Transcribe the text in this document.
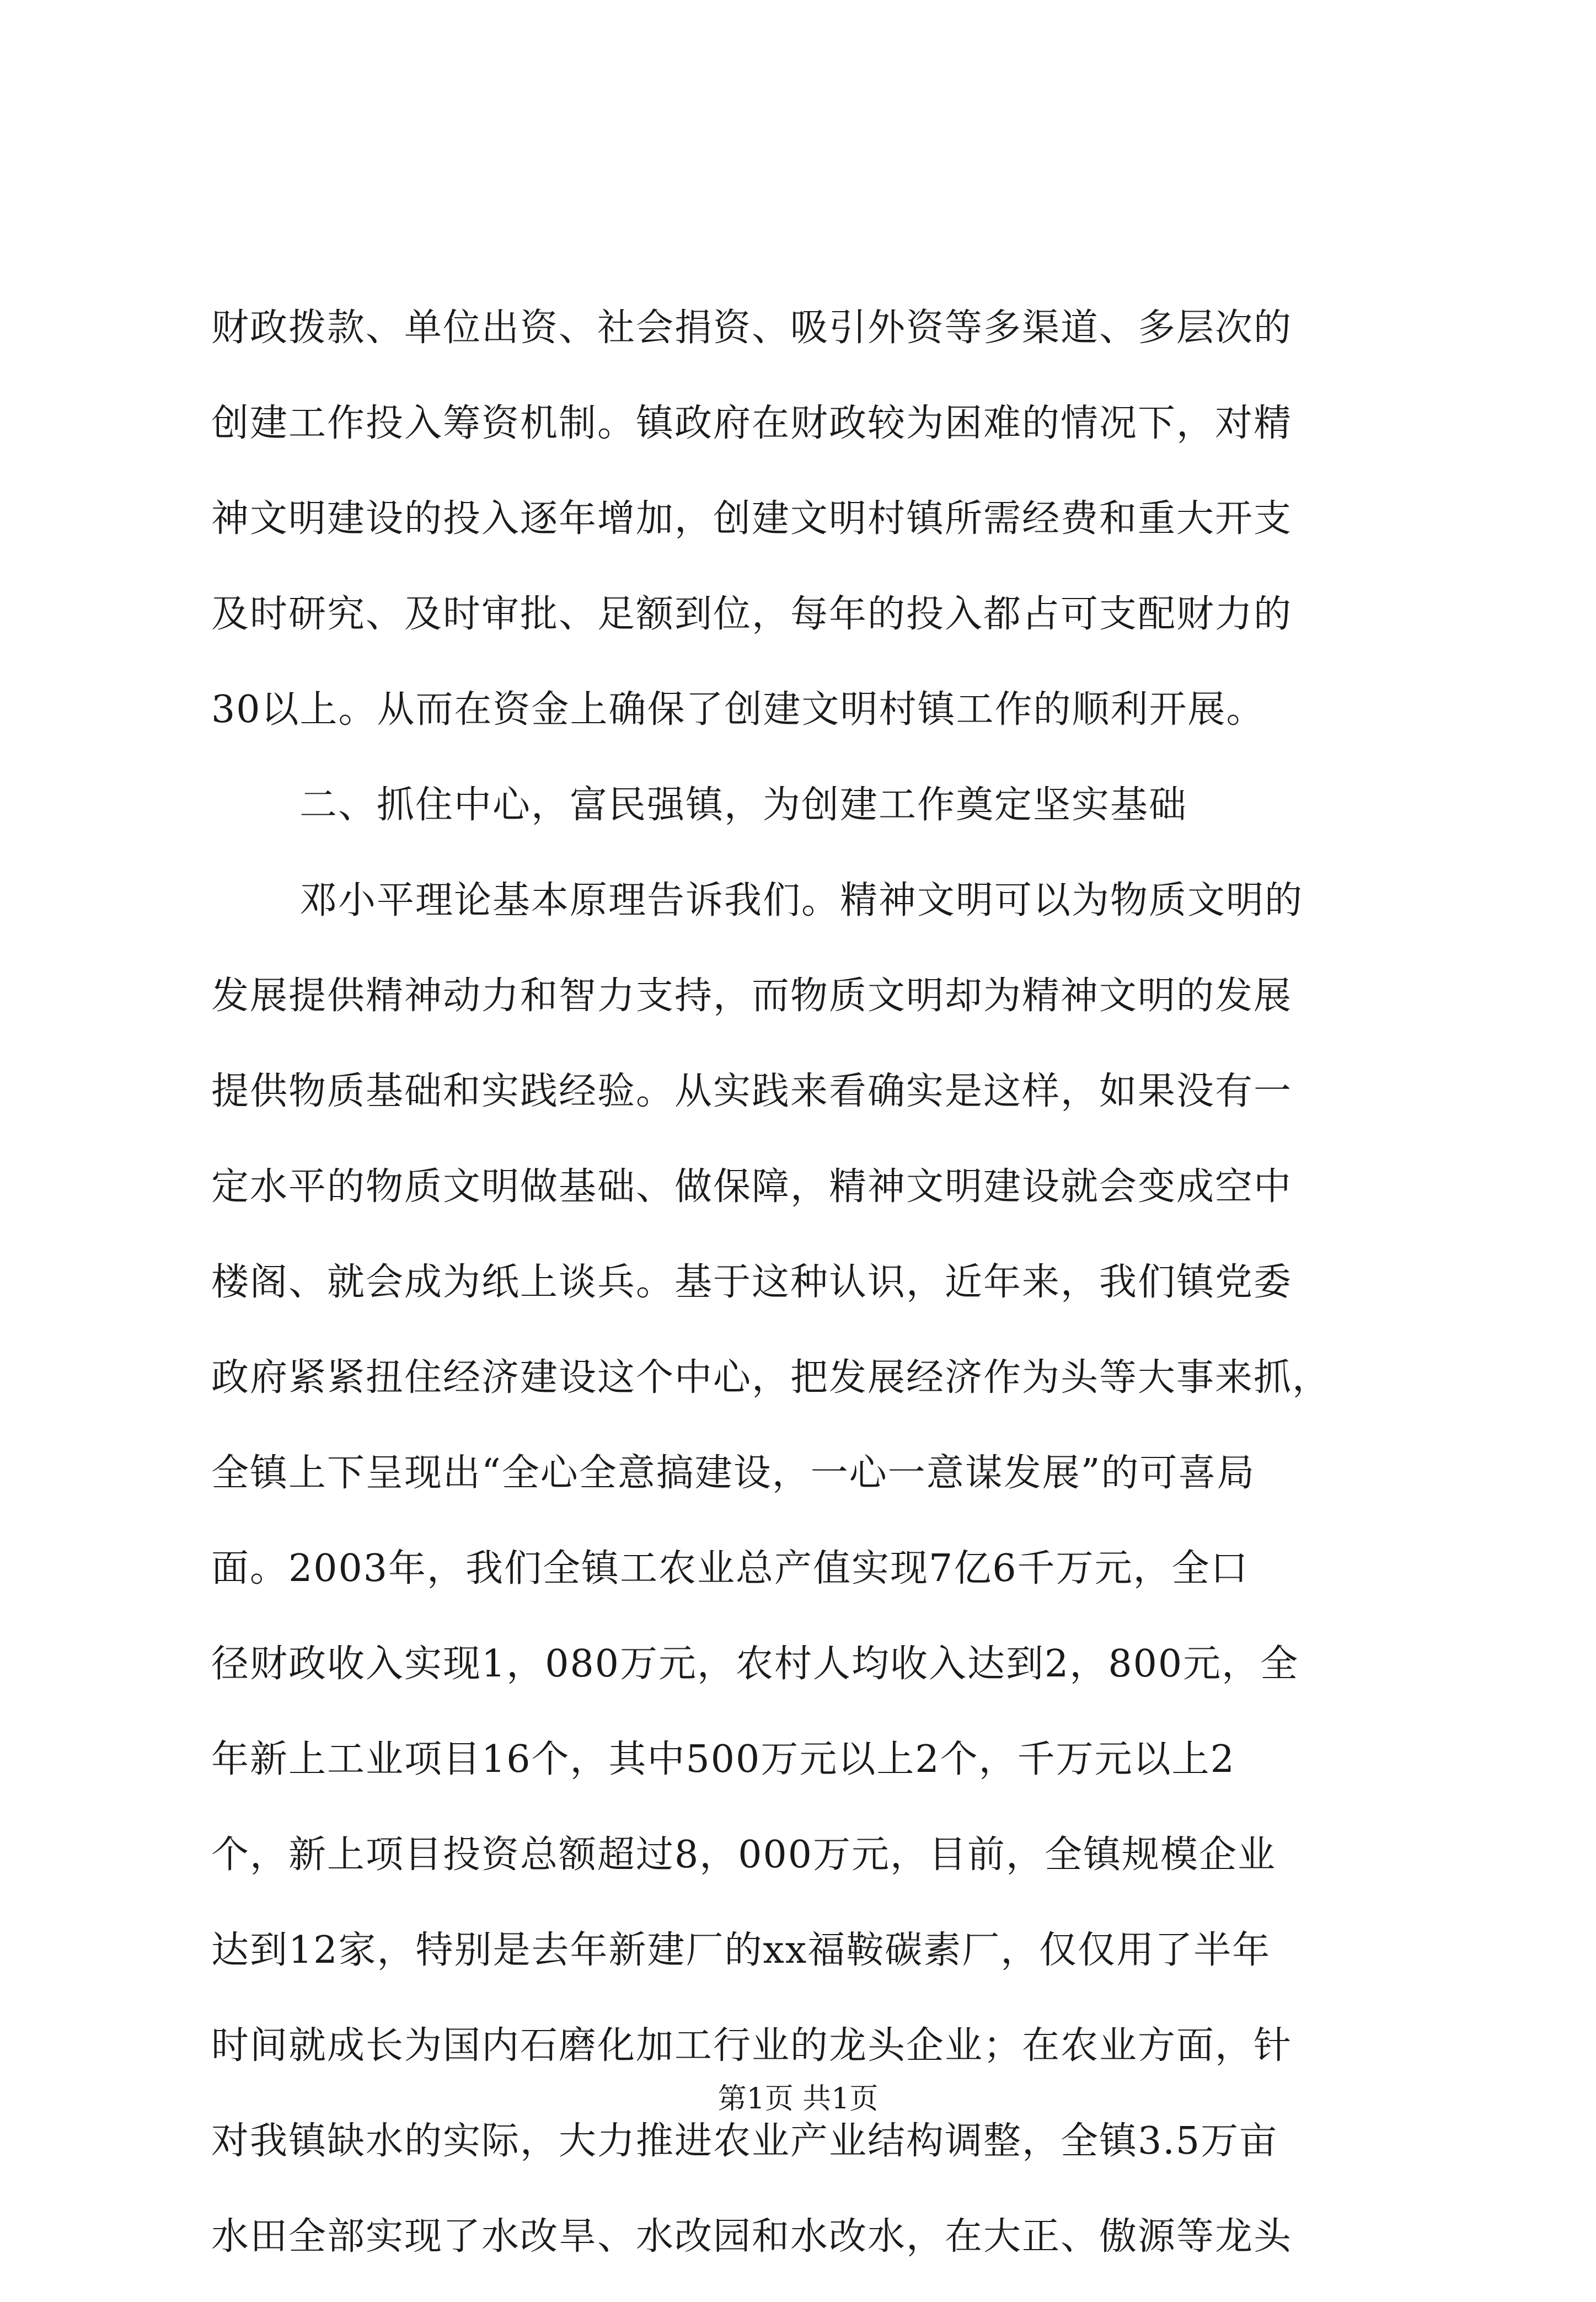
财政拨款、单位出资、社会捐资、吸引外资等多渠道、多层次的
创建工作投入筹资机制。镇政府在财政较为困难的情况下，对精
神文明建设的投入逐年增加，创建文明村镇所需经费和重大开支
及时研究、及时审批、足额到位，每年的投入都占可支配财力的
30以上。从而在资金上确保了创建文明村镇工作的顺利开展。
二、抓住中心，富民强镇，为创建工作奠定坚实基础
邓小平理论基本原理告诉我们。精神文明可以为物质文明的
发展提供精神动力和智力支持，而物质文明却为精神文明的发展
提供物质基础和实践经验。从实践来看确实是这样，如果没有一
定水平的物质文明做基础、做保障，精神文明建设就会变成空中
楼阁、就会成为纸上谈兵。基于这种认识，近年来，我们镇党委
政府紧紧扭住经济建设这个中心，把发展经济作为头等大事来抓，
全镇上下呈现出“全心全意搞建设，一心一意谋发展”的可喜局
面。2003年，我们全镇工农业总产值实现7亿6千万元，全口
径财政收入实现1，080万元，农村人均收入达到2，800元，全
年新上工业项目16个，其中500万元以上2个，千万元以上2
个，新上项目投资总额超过8，000万元，目前，全镇规模企业
达到12家，特别是去年新建厂的xx福鞍碳素厂，仅仅用了半年
时间就成长为国内石磨化加工行业的龙头企业；在农业方面，针
对我镇缺水的实际，大力推进农业产业结构调整，全镇3.5万亩
水田全部实现了水改旱、水改园和水改水，在大正、傲源等龙头
第1页 共1页
